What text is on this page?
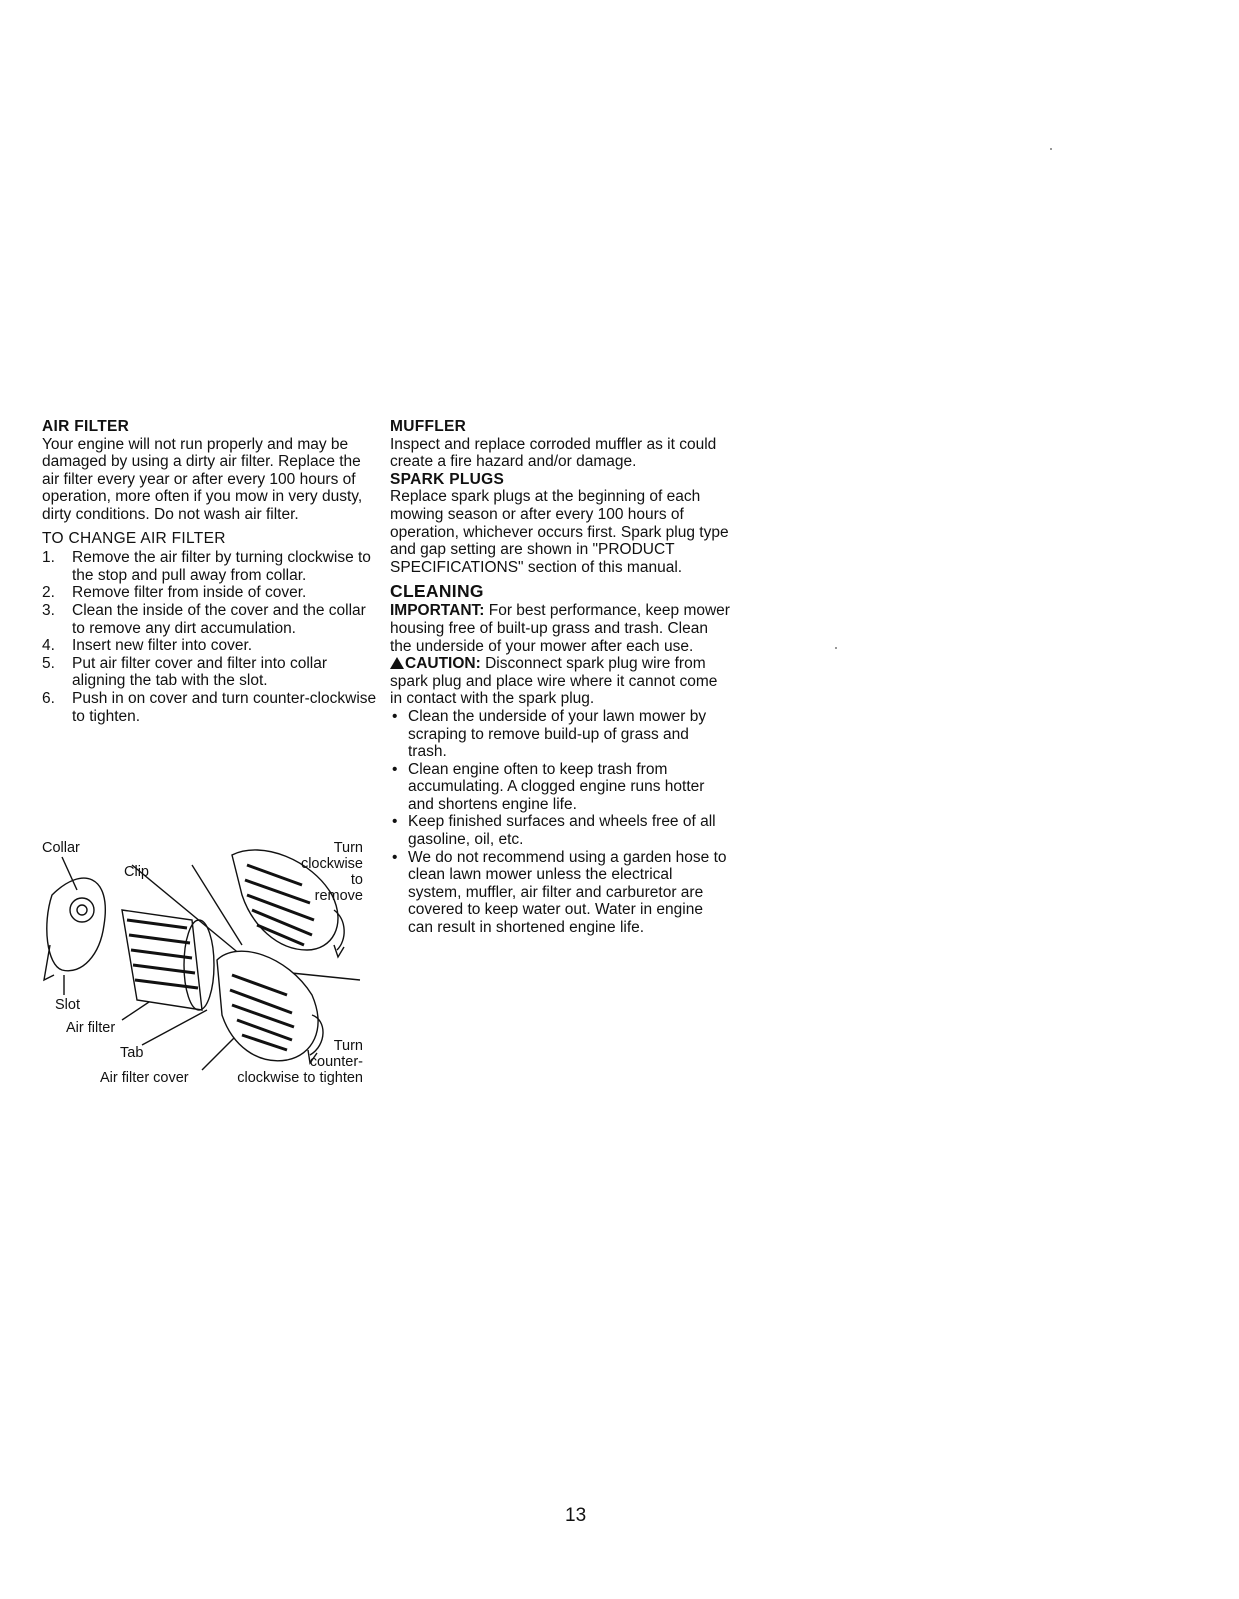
AIR FILTER

Your engine will not run properly and may be damaged by using a dirty air filter. Replace the air filter every year or after every 100 hours of operation, more often if you mow in very dusty, dirty conditions. Do not wash air filter.

TO CHANGE AIR FILTER
1. Remove the air filter by turning clockwise to the stop and pull away from collar.
2. Remove filter from inside of cover.
3. Clean the inside of the cover and the collar to remove any dirt accumulation.
4. Insert new filter into cover.
5. Put air filter cover and filter into collar aligning the tab with the slot.
6. Push in on cover and turn counter-clockwise to tighten.
Collar
Clip
Slot
Air filter
Tab
Air filter cover
Turn
clockwise
to
remove
Turn
counter-
clockwise to tighten
MUFFLER

Inspect and replace corroded muffler as it could create a fire hazard and/or damage.

SPARK PLUGS

Replace spark plugs at the beginning of each mowing season or after every 100 hours of operation, whichever occurs first. Spark plug type and gap setting are shown in "PRODUCT SPECIFICATIONS" section of this manual.

CLEANING

IMPORTANT: For best performance, keep mower housing free of built-up grass and trash. Clean the underside of your mower after each use.

CAUTION: Disconnect spark plug wire from spark plug and place wire where it cannot come in contact with the spark plug.

• Clean the underside of your lawn mower by scraping to remove build-up of grass and trash.
• Clean engine often to keep trash from accumulating. A clogged engine runs hotter and shortens engine life.
• Keep finished surfaces and wheels free of all gasoline, oil, etc.
• We do not recommend using a garden hose to clean lawn mower unless the electrical system, muffler, air filter and carburetor are covered to keep water out. Water in engine can result in shortened engine life.
13
